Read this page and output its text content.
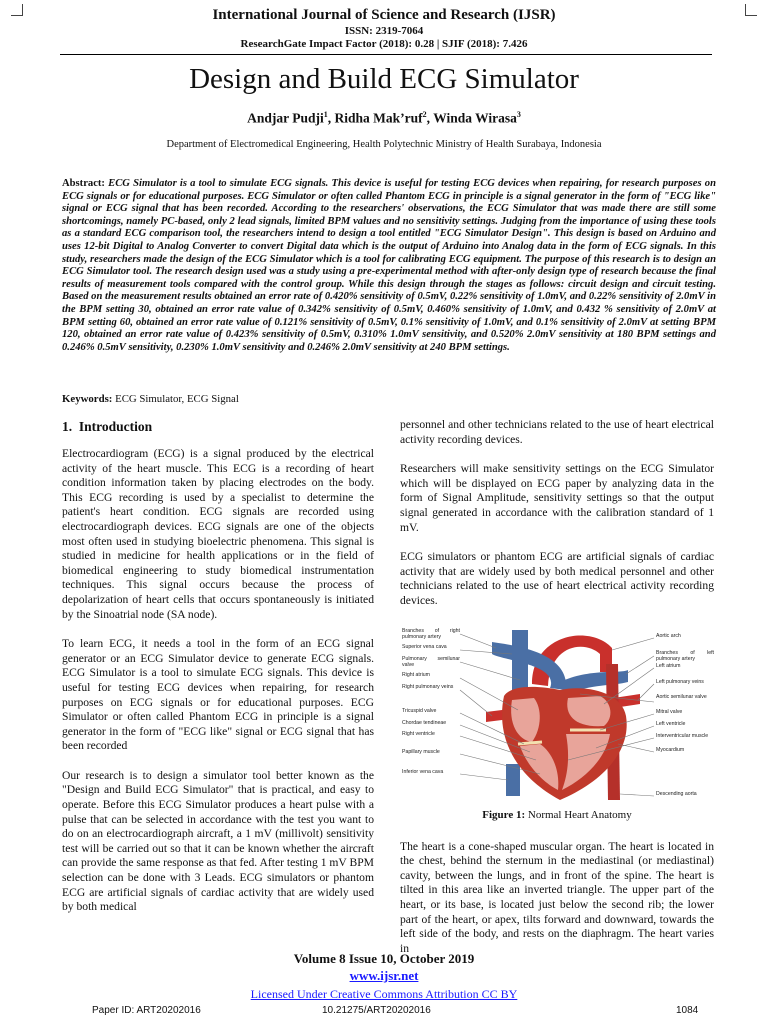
International Journal of Science and Research (IJSR)
ISSN: 2319-7064
ResearchGate Impact Factor (2018): 0.28 | SJIF (2018): 7.426
Design and Build ECG Simulator
Andjar Pudji$^1$, Ridha Mak’ruf$^2$, Winda Wirasa$^3$
Department of Electromedical Engineering, Health Polytechnic Ministry of Health Surabaya, Indonesia
Abstract: ECG Simulator is a tool to simulate ECG signals. This device is useful for testing ECG devices when repairing, for research purposes on ECG signals or for educational purposes. ECG Simulator or often called Phantom ECG in principle is a signal generator in the form of "ECG like" signal or ECG signal that has been recorded. According to the researchers' observations, the ECG Simulator that was made there are still some shortcomings, namely PC-based, only 2 lead signals, limited BPM values and no sensitivity settings. Judging from the importance of using these tools as a standard ECG comparison tool, the researchers intend to design a tool entitled "ECG Simulator Design". This design is based on Arduino and uses 12-bit Digital to Analog Converter to convert Digital data which is the output of Arduino into Analog data in the form of ECG signals. In this study, researchers made the design of the ECG Simulator which is a tool for calibrating ECG equipment. The purpose of this research is to design an ECG Simulator tool. The research design used was a study using a pre-experimental method with after-only design type of research because the final results of measurement tools compared with the control group. While this design through the stages as follows: circuit design and circuit testing. Based on the measurement results obtained an error rate of 0.420% sensitivity of 0.5mV, 0.22% sensitivity of 1.0mV, and 0.22% sensitivity of 2.0mV in the BPM setting 30, obtained an error rate value of 0.342% sensitivity of 0.5mV, 0.460% sensitivity of 1.0mV, and 0.432 % sensitivity of 2.0mV at BPM setting 60, obtained an error rate value of 0.121% sensitivity of 0.5mV, 0.1% sensitivity of 1.0mV, and 0.1% sensitivity of 2.0mV at setting BPM 120, obtained an error rate value of 0.423% sensitivity of 0.5mV, 0.310% 1.0mV sensitivity, and 0.520% 2.0mV sensitivity at 180 BPM settings and 0.246% 0.5mV sensitivity, 0.230% 1.0mV sensitivity and 0.246% 2.0mV sensitivity at 240 BPM settings.
Keywords: ECG Simulator, ECG Signal
1.  Introduction

Electrocardiogram (ECG) is a signal produced by the electrical activity of the heart muscle. This ECG is a recording of heart condition information taken by placing electrodes on the body. This ECG recording is used by a specialist to determine the patient's heart condition. ECG signals are recorded using electrocardiograph devices. ECG signals are one of the objects most often used in studying bioelectric phenomena. This signal is studied in medicine for health applications or in the field of biomedical engineering to study biomedical instrumentation techniques. This signal occurs because the process of depolarization of heart cells that occurs spontaneously is initiated by the Sinoatrial node (SA node).

To learn ECG, it needs a tool in the form of an ECG signal generator or an ECG Simulator device to generate ECG signals. ECG Simulator is a tool to simulate ECG signals. This device is useful for testing ECG devices when repairing, for research purposes on ECG signals or for educational purposes. ECG Simulator or often called Phantom ECG in principle is a signal generator in the form of "ECG like" signal or ECG signal that has been recorded

Our research is to design a simulator tool better known as the "Design and Build ECG Simulator" that is practical, and easy to operate. Before this ECG Simulator produces a heart pulse with a pulse that can be selected in accordance with the test you want to do on an electrocardiograph aircraft, a 1 mV (millivolt) sensitivity test will be carried out so that it can be known whether the aircraft can provide the same response as that fed. After testing 1 mV BPM selection can be done with 3 Leads. ECG simulators or phantom ECG are artificial signals of cardiac activity that are widely used by both medical

personnel and other technicians related to the use of heart electrical activity recording devices.

Researchers will make sensitivity settings on the ECG Simulator which will be displayed on ECG paper by analyzing data in the form of Signal Amplitude, sensitivity settings so that the output signal generated in accordance with the calibration standard of 1 mV.

ECG simulators or phantom ECG are artificial signals of cardiac activity that are widely used by both medical personnel and other technicians related to the use of heart electrical activity recording devices.

Branches of right pulmonary artery
Superior vena cava
Pulmonary semilunar valve
Right atrium
Right pulmonary veins
Tricuspid valve
Chordae tendineae
Right ventricle
Papillary muscle
Inferior vena cava
Aortic arch
Branches of left pulmonary artery
Left atrium
Left pulmonary veins
Aortic semilunar valve
Mitral valve
Left ventricle
Interventricular muscle
Myocardium
Descending aorta
Figure 1: Normal Heart Anatomy

The heart is a cone-shaped muscular organ. The heart is located in the chest, behind the sternum in the mediastinal (or mediastinal) cavity, between the lungs, and in front of the spine. The heart is tilted in this area like an inverted triangle. The upper part of the heart, or its base, is located just below the second rib; the lower part of the heart, or apex, tilts forward and downward, towards the left side of the body, and rests on the diaphragm. The heart varies in

Volume 8 Issue 10, October 2019
www.ijsr.net
Licensed Under Creative Commons Attribution CC BY
Paper ID: ART20202016	10.21275/ART20202016	1084
